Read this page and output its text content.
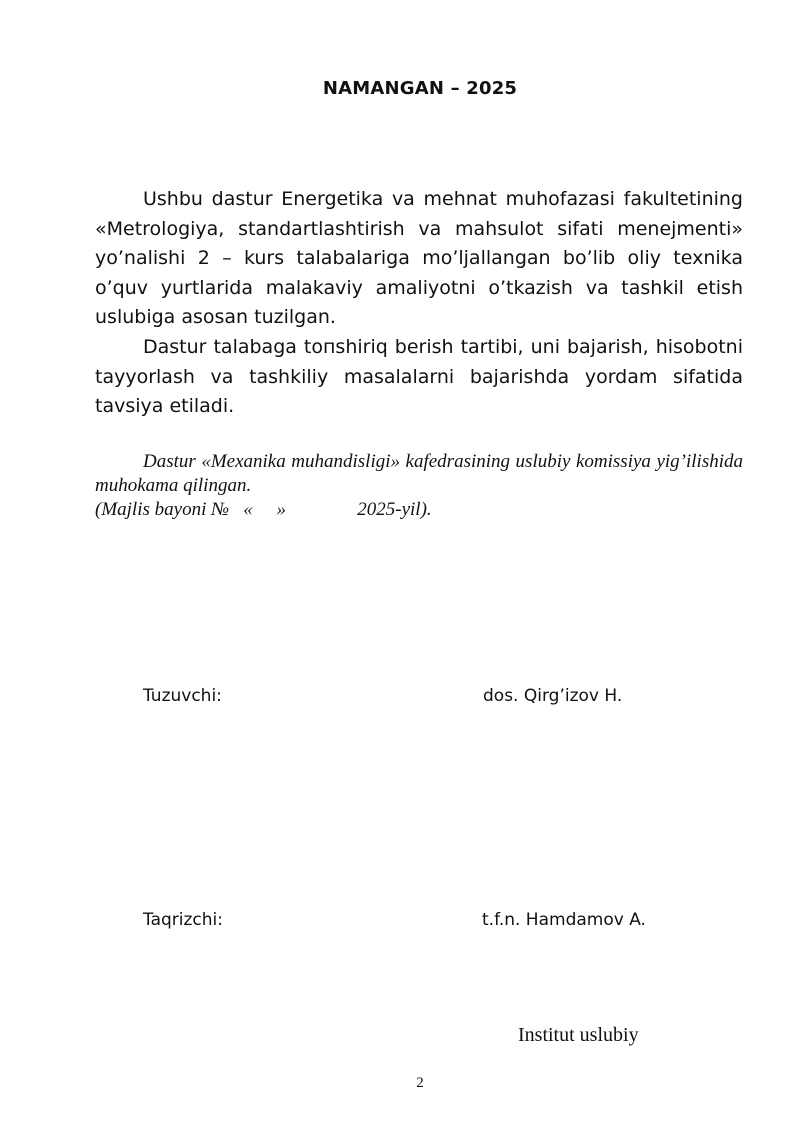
NAMANGAN – 2025

Ushbu dastur Energetika va mehnat muhofazasi fakultetining «Metrologiya, standartlashtirish va mahsulot sifati menejmenti» yo’nalishi 2 – kurs talabalariga mo’ljallangan bo’lib oliy texnika o’quv yurtlarida malakaviy amaliyotni o’tkazish va tashkil etish uslubiga asosan tuzilgan.

Dastur talabaga toпshiriq berish tartibi, uni bajarish, hisobotni tayyorlash va tashkiliy masalalarni bajarishda yordam sifatida tavsiya etiladi.

Dastur «Mexanika muhandisligi» kafedrasining uslubiy komissiya yig’ilishida muhokama qilingan.

(Majlis bayoni №   «     »               2025-yil).

Tuzuvchi:	dos. Qirg’izov H.
Taqrizchi:	t.f.n. Hamdamov A.
Institut uslubiy
2
